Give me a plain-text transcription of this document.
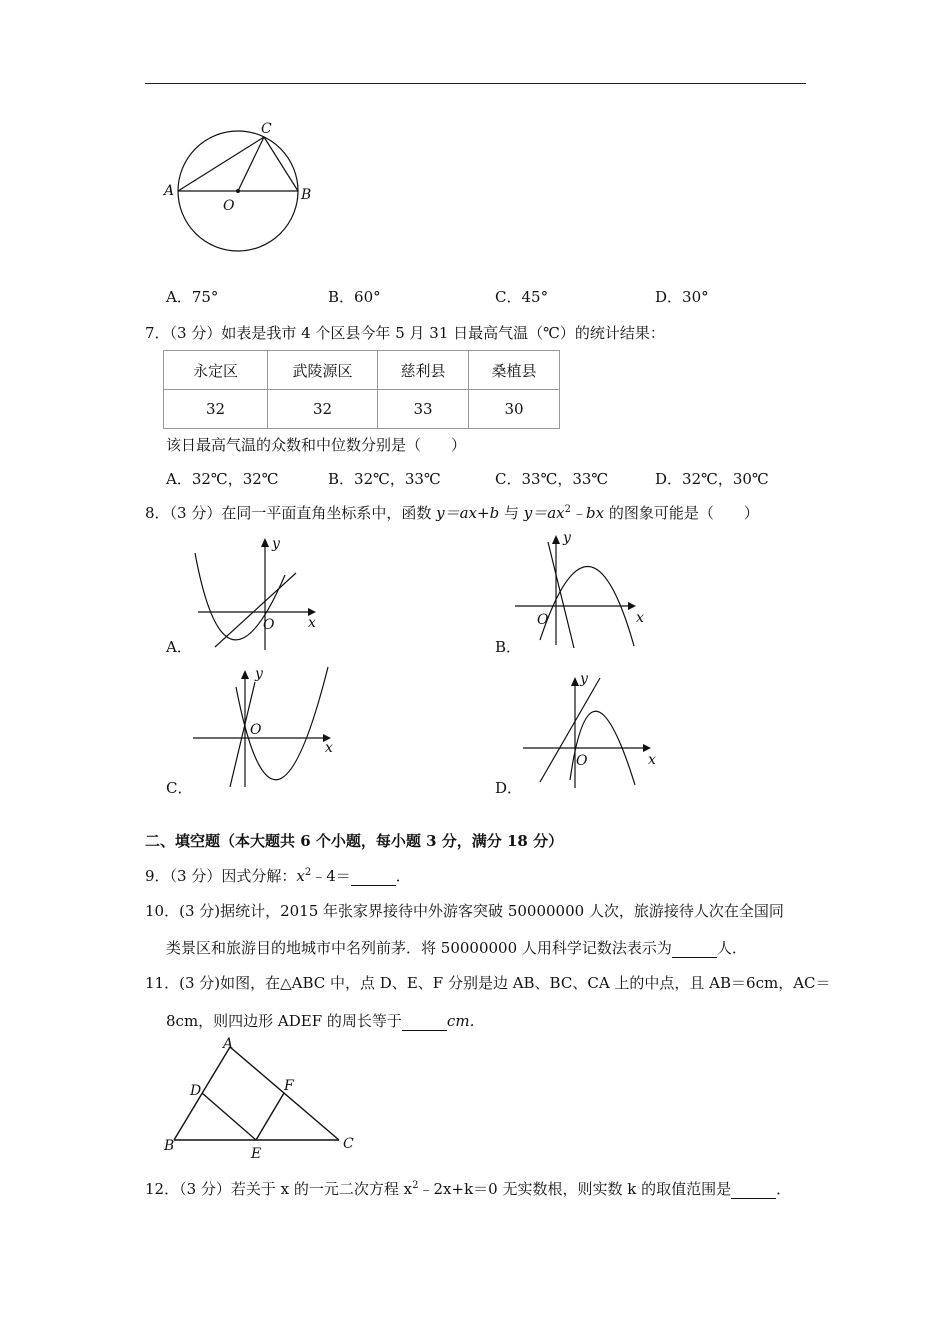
A	B
C
O
A．75°	B．60°	C．45°	D．30°
7．（3 分）如表是我市 4 个区县今年 5 月 31 日最高气温（℃）的统计结果：
永定区	武陵源区	慈利县	桑植县
32	32	33	30
该日最高气温的众数和中位数分别是（　　）
A．32℃，32℃	B．32℃，33℃	C．33℃，33℃	D．32℃，30℃
8．（3 分）在同一平面直角坐标系中，函数 y＝ax+b 与 $y=ax^2﹣bx$ 的图象可能是（　　）
y
x
O
A．
y
x
O
B．
y
x
O
C．
y
x
O
D．
二、填空题（本大题共 6 个小题，每小题 3 分，满分 18 分）
9．（3 分）因式分解：$x^2﹣4=$	．
10．(3 分)据统计，2015 年张家界接待中外游客突破 50000000 人次，旅游接待人次在全国同
类景区和旅游目的地城市中名列前茅．将 50000000 人用科学记数法表示为	人．
11．(3 分)如图，在△ABC 中，点 D、E、F 分别是边 AB、BC、CA 上的中点，且 AB＝6cm，AC＝
8cm，则四边形 ADEF 的周长等于	cm．
A
B	C
D
E
F
12．（3 分）若关于 x 的一元二次方程 $x^2﹣2x+k=0$ 无实数根，则实数 k 的取值范围是	．
